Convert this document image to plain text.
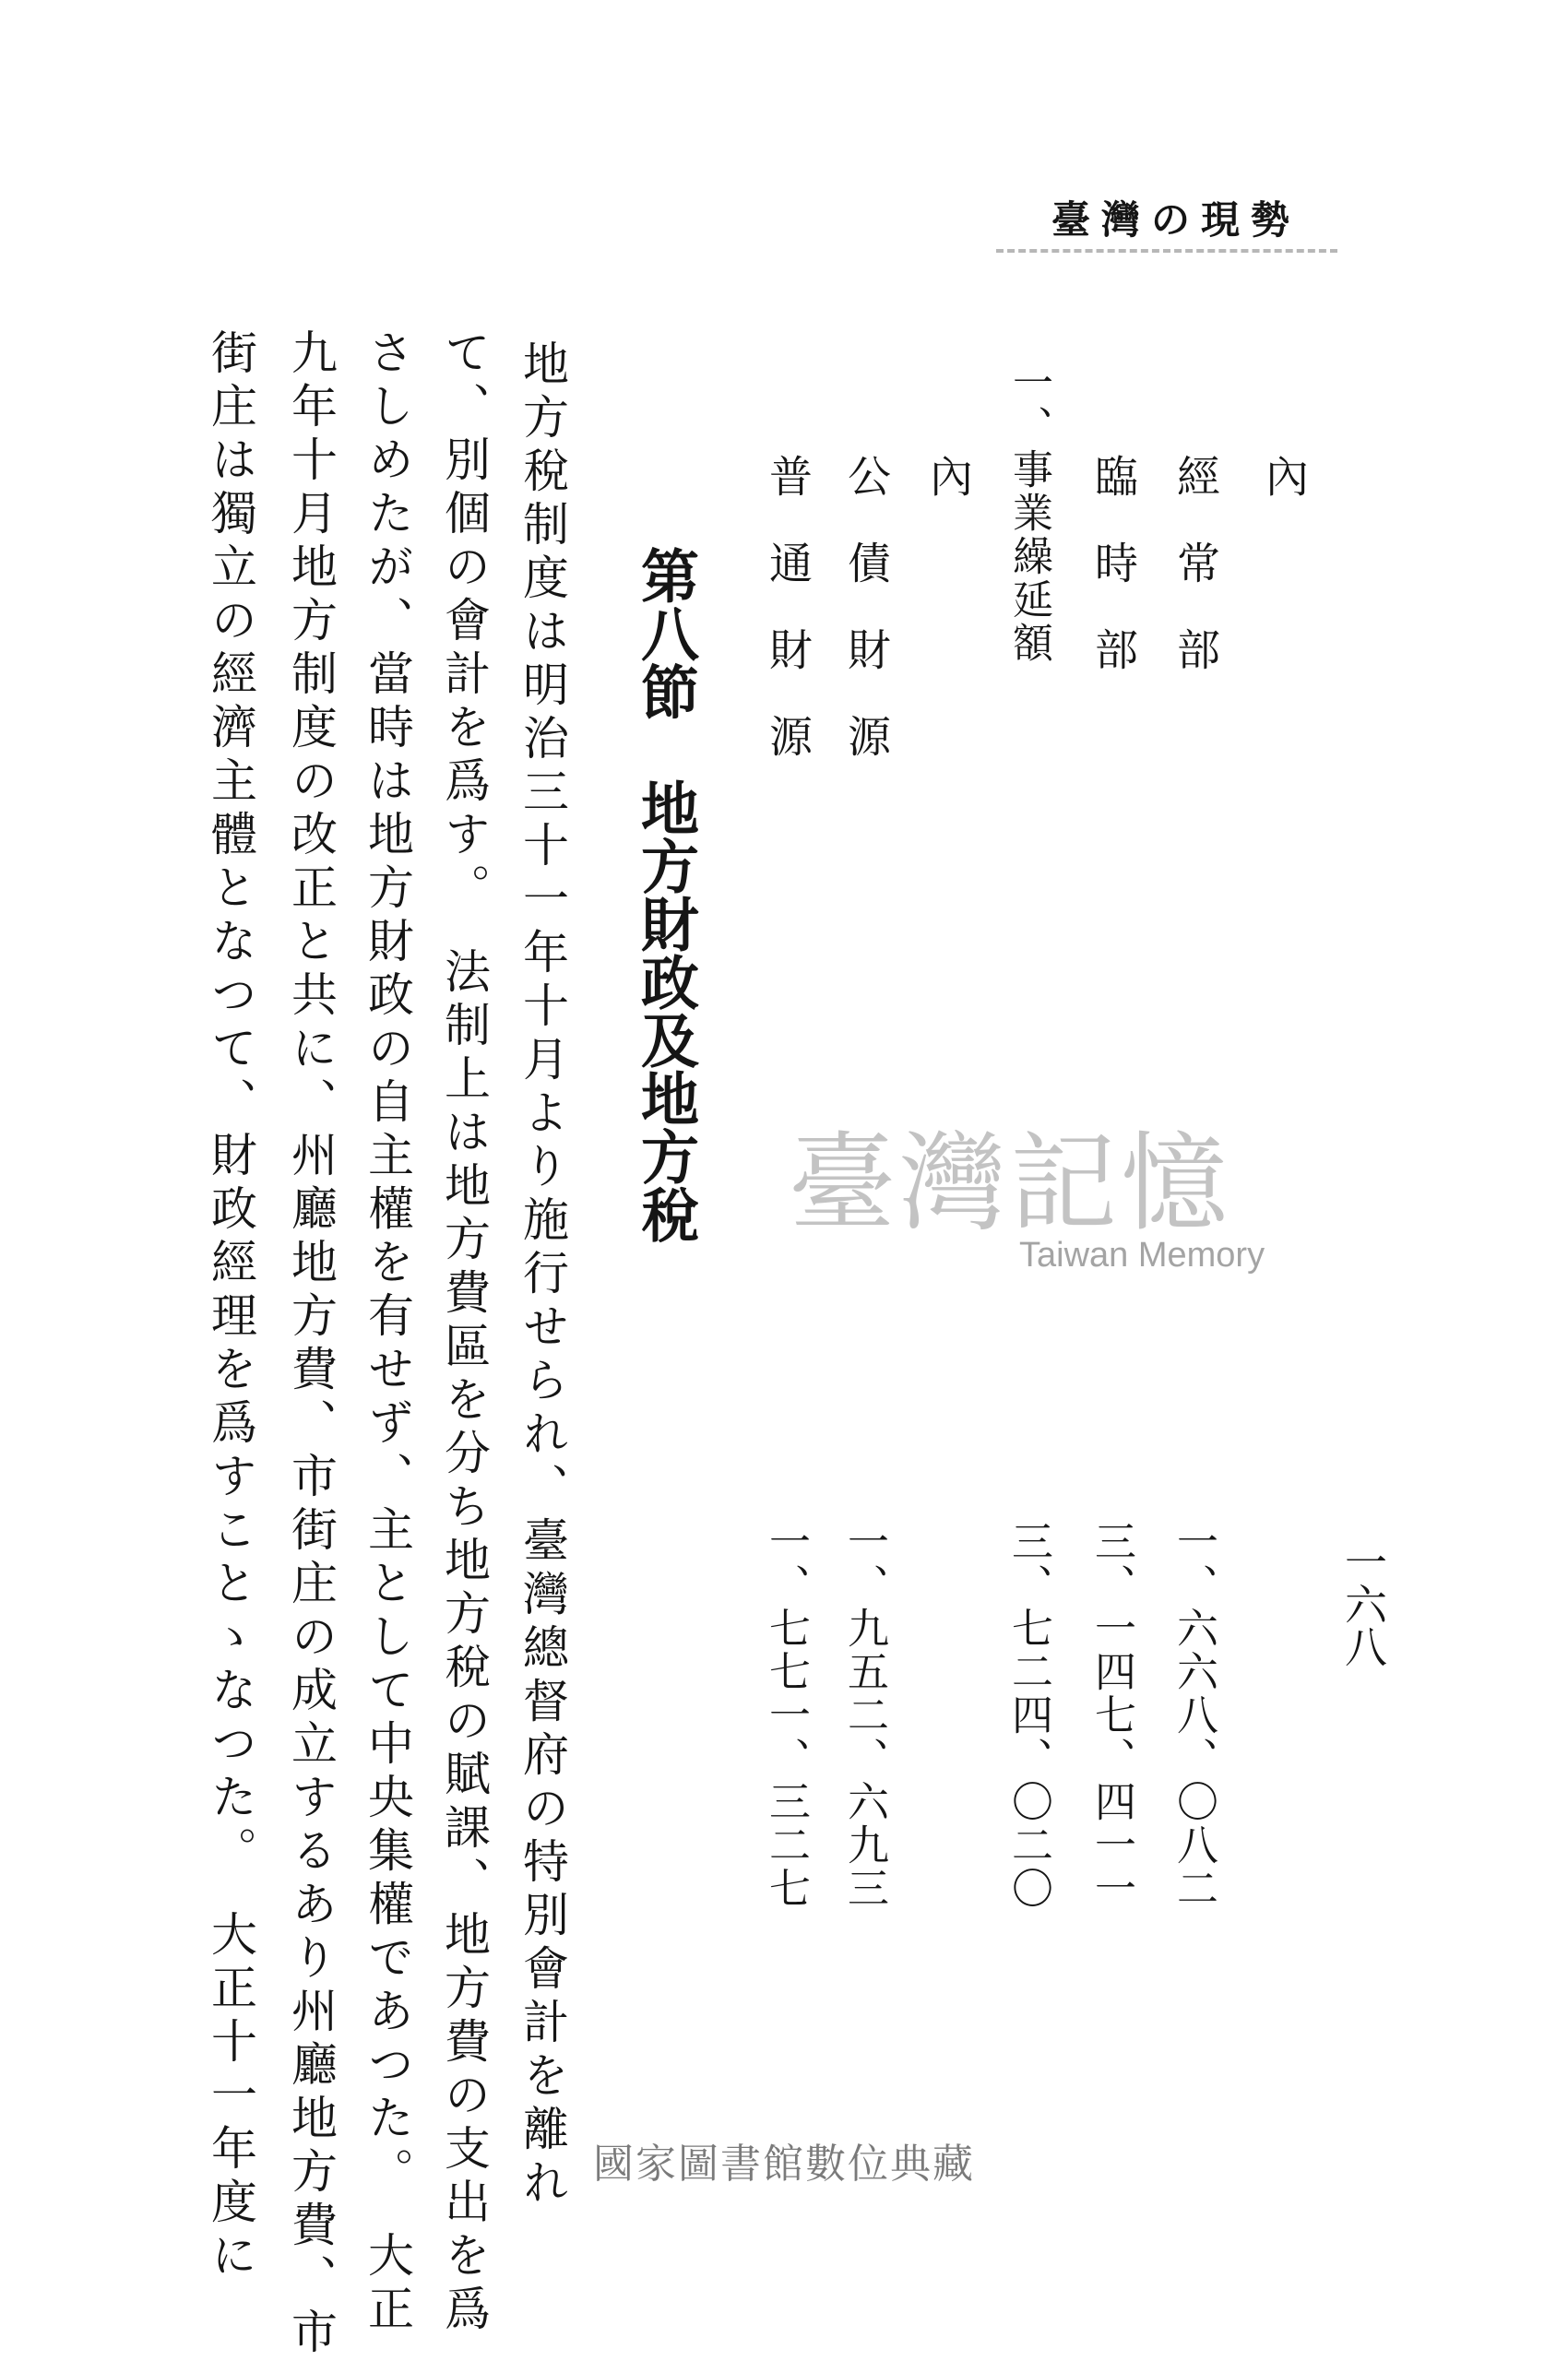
臺灣の現勢
一六八
內
經常部
一、六六八、〇八二
臨時部
三、一四七、四一一
一、事業繰延額
三、七二四、〇二〇
內
公債財源
一、九五二、六九三
普通財源
一、七七一、三二七
第八節　地方財政及地方稅
地方稅制度は明治三十一年十月より施行せられ、臺灣總督府の特別會計を離れ
て、別個の會計を爲す。　法制上は地方費區を分ち地方稅の賦課、地方費の支出を爲
さしめたが、當時は地方財政の自主權を有せず、主として中央集權であつた。　大正
九年十月地方制度の改正と共に、州廳地方費、市街庄の成立するあり州廳地方費、市
街庄は獨立の經濟主體となつて、財政經理を爲すことゝなつた。　大正十一年度に	臺灣記憶
Taiwan Memory
國家圖書館數位典藏
